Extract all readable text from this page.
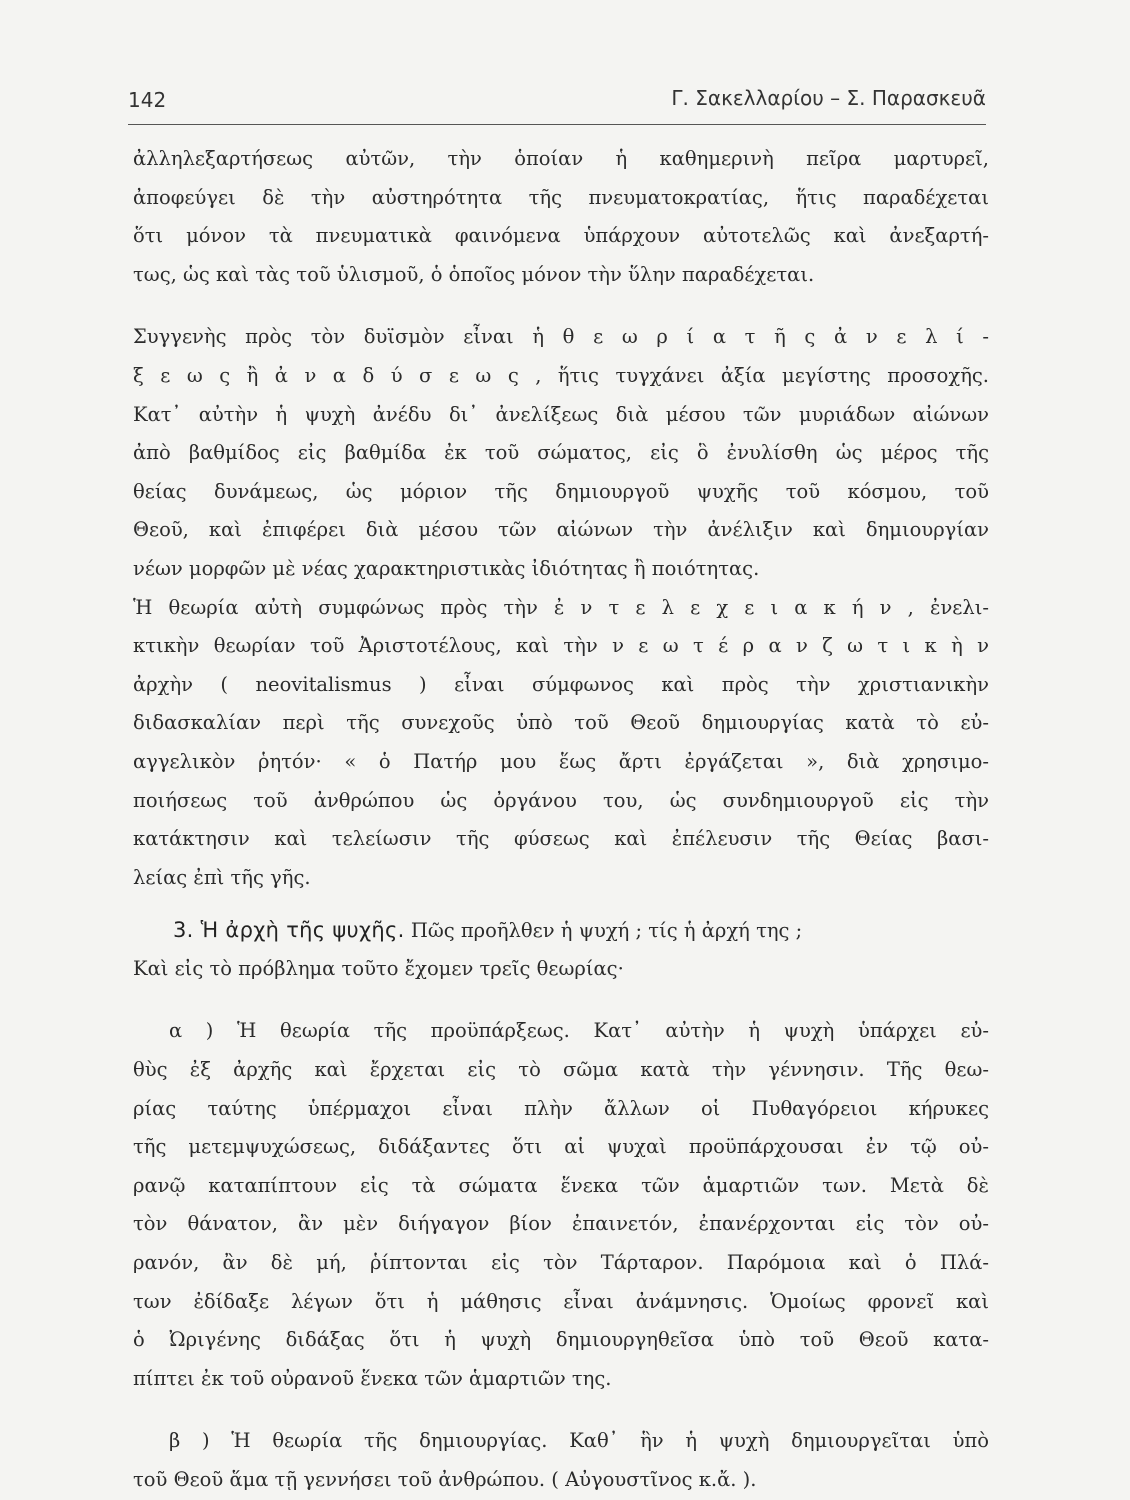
142	Γ. Σακελλαρίου – Σ. Παρασκευᾶ
ἀλληλεξαρτήσεως αὐτῶν, τὴν ὁποίαν ἡ καθημερινὴ πεῖρα μαρτυρεῖ,
ἀποφεύγει δὲ τὴν αὐστηρότητα τῆς πνευματοκρατίας, ἥτις παραδέχεται
ὅτι μόνον τὰ πνευματικὰ φαινόμενα ὑπάρχουν αὐτοτελῶς καὶ ἀνεξαρτή-
τως, ὡς καὶ τὰς τοῦ ὑλισμοῦ, ὁ ὁποῖος μόνον τὴν ὕλην παραδέχεται.
Συγγενὴς πρὸς τὸν δυϊσμὸν εἶναι ἡ θ ε ω ρ ί α τ ῆ ς ἀ ν ε λ ί -
ξ ε ω ς ἢ ἀ ν α δ ύ σ ε ω ς , ἥτις τυγχάνει ἀξία μεγίστης προσοχῆς.
Κατ᾽ αὐτὴν ἡ ψυχὴ ἀνέδυ δι᾽ ἀνελίξεως διὰ μέσου τῶν μυριάδων αἰώνων
ἀπὸ βαθμίδος εἰς βαθμίδα ἐκ τοῦ σώματος, εἰς ὃ ἐνυλίσθη ὡς μέρος τῆς
θείας δυνάμεως, ὡς μόριον τῆς δημιουργοῦ ψυχῆς τοῦ κόσμου, τοῦ
Θεοῦ, καὶ ἐπιφέρει διὰ μέσου τῶν αἰώνων τὴν ἀνέλιξιν καὶ δημιουργίαν
νέων μορφῶν μὲ νέας χαρακτηριστικὰς ἰδιότητας ἢ ποιότητας.
Ἡ θεωρία αὐτὴ συμφώνως πρὸς τὴν ἐ ν τ ε λ ε χ ε ι α κ ή ν , ἐνελι-
κτικὴν θεωρίαν τοῦ Ἀριστοτέλους, καὶ τὴν ν ε ω τ έ ρ α ν ζ ω τ ι κ ὴ ν
ἀρχὴν ( neovitalismus ) εἶναι σύμφωνος καὶ πρὸς τὴν χριστιανικὴν
διδασκαλίαν περὶ τῆς συνεχοῦς ὑπὸ τοῦ Θεοῦ δημιουργίας κατὰ τὸ εὐ-
αγγελικὸν ῥητόν· « ὁ Πατήρ μου ἕως ἄρτι ἐργάζεται », διὰ χρησιμο-
ποιήσεως τοῦ ἀνθρώπου ὡς ὀργάνου του, ὡς συνδημιουργοῦ εἰς τὴν
κατάκτησιν καὶ τελείωσιν τῆς φύσεως καὶ ἐπέλευσιν τῆς Θείας βασι-
λείας ἐπὶ τῆς γῆς.
3. Ἡ ἀρχὴ τῆς ψυχῆς. Πῶς προῆλθεν ἡ ψυχή ; τίς ἡ ἀρχή της ;
Καὶ εἰς τὸ πρόβλημα τοῦτο ἔχομεν τρεῖς θεωρίας·
α ) Ἡ θεωρία τῆς προϋπάρξεως. Κατ᾽ αὐτὴν ἡ ψυχὴ ὑπάρχει εὐ-
θὺς ἐξ ἀρχῆς καὶ ἔρχεται εἰς τὸ σῶμα κατὰ τὴν γέννησιν. Τῆς θεω-
ρίας ταύτης ὑπέρμαχοι εἶναι πλὴν ἄλλων οἱ Πυθαγόρειοι κήρυκες
τῆς μετεμψυχώσεως, διδάξαντες ὅτι αἱ ψυχαὶ προϋπάρχουσαι ἐν τῷ οὐ-
ρανῷ καταπίπτουν εἰς τὰ σώματα ἕνεκα τῶν ἁμαρτιῶν των. Μετὰ δὲ
τὸν θάνατον, ἂν μὲν διήγαγον βίον ἐπαινετόν, ἐπανέρχονται εἰς τὸν οὐ-
ρανόν, ἂν δὲ μή, ῥίπτονται εἰς τὸν Τάρταρον. Παρόμοια καὶ ὁ Πλά-
των ἐδίδαξε λέγων ὅτι ἡ μάθησις εἶναι ἀνάμνησις. Ὁμοίως φρονεῖ καὶ
ὁ Ὠριγένης διδάξας ὅτι ἡ ψυχὴ δημιουργηθεῖσα ὑπὸ τοῦ Θεοῦ κατα-
πίπτει ἐκ τοῦ οὐρανοῦ ἕνεκα τῶν ἁμαρτιῶν της.
β ) Ἡ θεωρία τῆς δημιουργίας. Καθ᾽ ἣν ἡ ψυχὴ δημιουργεῖται ὑπὸ
τοῦ Θεοῦ ἅμα τῇ γεννήσει τοῦ ἀνθρώπου. ( Αὐγουστῖνος κ.ἄ. ).
